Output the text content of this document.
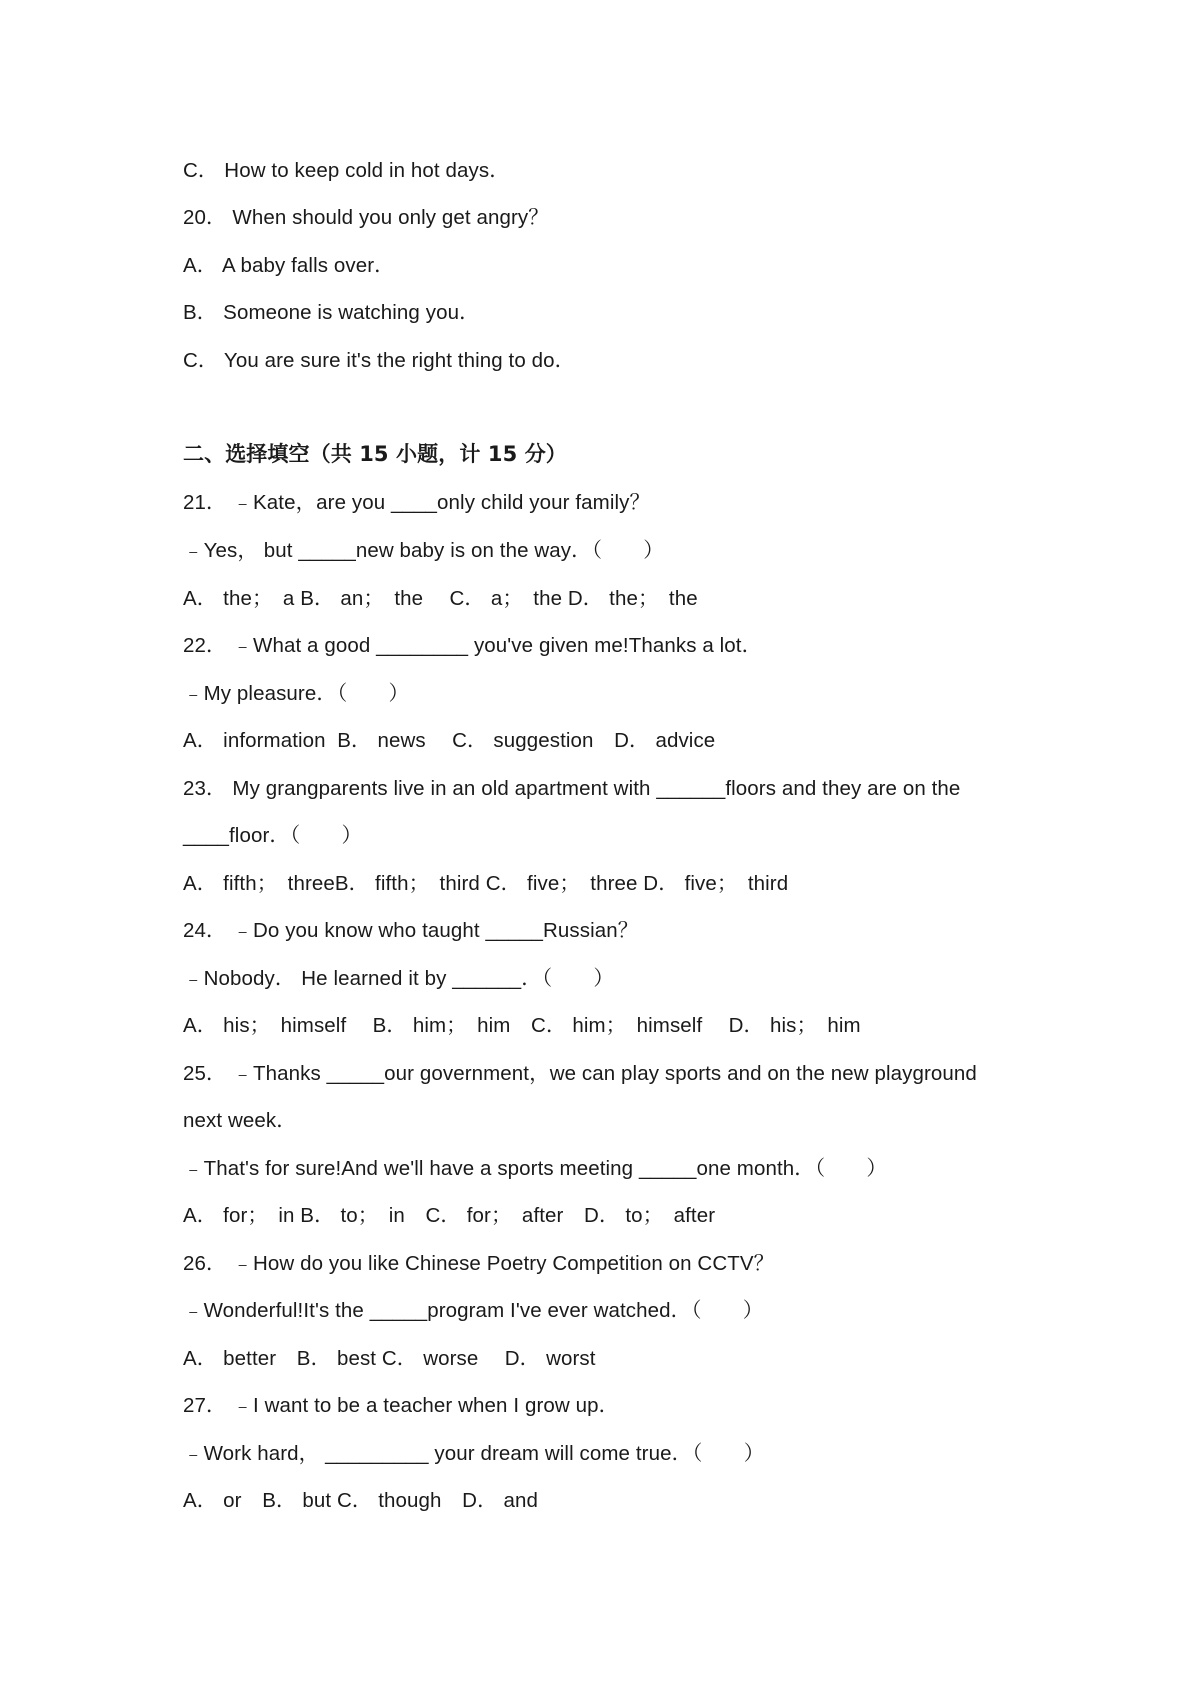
C． How to keep cold in hot days．
20． When should you only get angry？
A． A baby falls over．
B． Someone is watching you．
C． You are sure it's the right thing to do．
二、选择填空（共 15 小题，计 15 分）
21． ﹣Kate，are you ____only child your family？
﹣Yes， but _____new baby is on the way．（　　）
A． the；　a B． an；　the　 C． a；　the D． the；　the
22． ﹣What a good ________ you've given me!Thanks a lot．
﹣My pleasure．（　　）
A． information  B． news　 C． suggestion　D． advice
23． My grangparents live in an old apartment with ______floors and they are on the
____floor．（　　）
A． fifth；　threeB． fifth；　third C． five；　three D． five；　third
24． ﹣Do you know who taught _____Russian？
﹣Nobody． He learned it by ______．（　　）
A． his；　himself　 B． him；　him　C． him；　himself　 D． his；　him
25． ﹣Thanks _____our government，we can play sports and on the new playground
next week．
﹣That's for sure!And we'll have a sports meeting _____one month．（　　）
A． for；　in B． to；　in　C． for；　after　D． to；　after
26． ﹣How do you like Chinese Poetry Competition on CCTV？
﹣Wonderful!It's the _____program I've ever watched．（　　）
A． better　B． best C． worse　 D． worst
27． ﹣I want to be a teacher when I grow up．
﹣Work hard， _________ your dream will come true．（　　）
A． or　B． but C． though　D． and
